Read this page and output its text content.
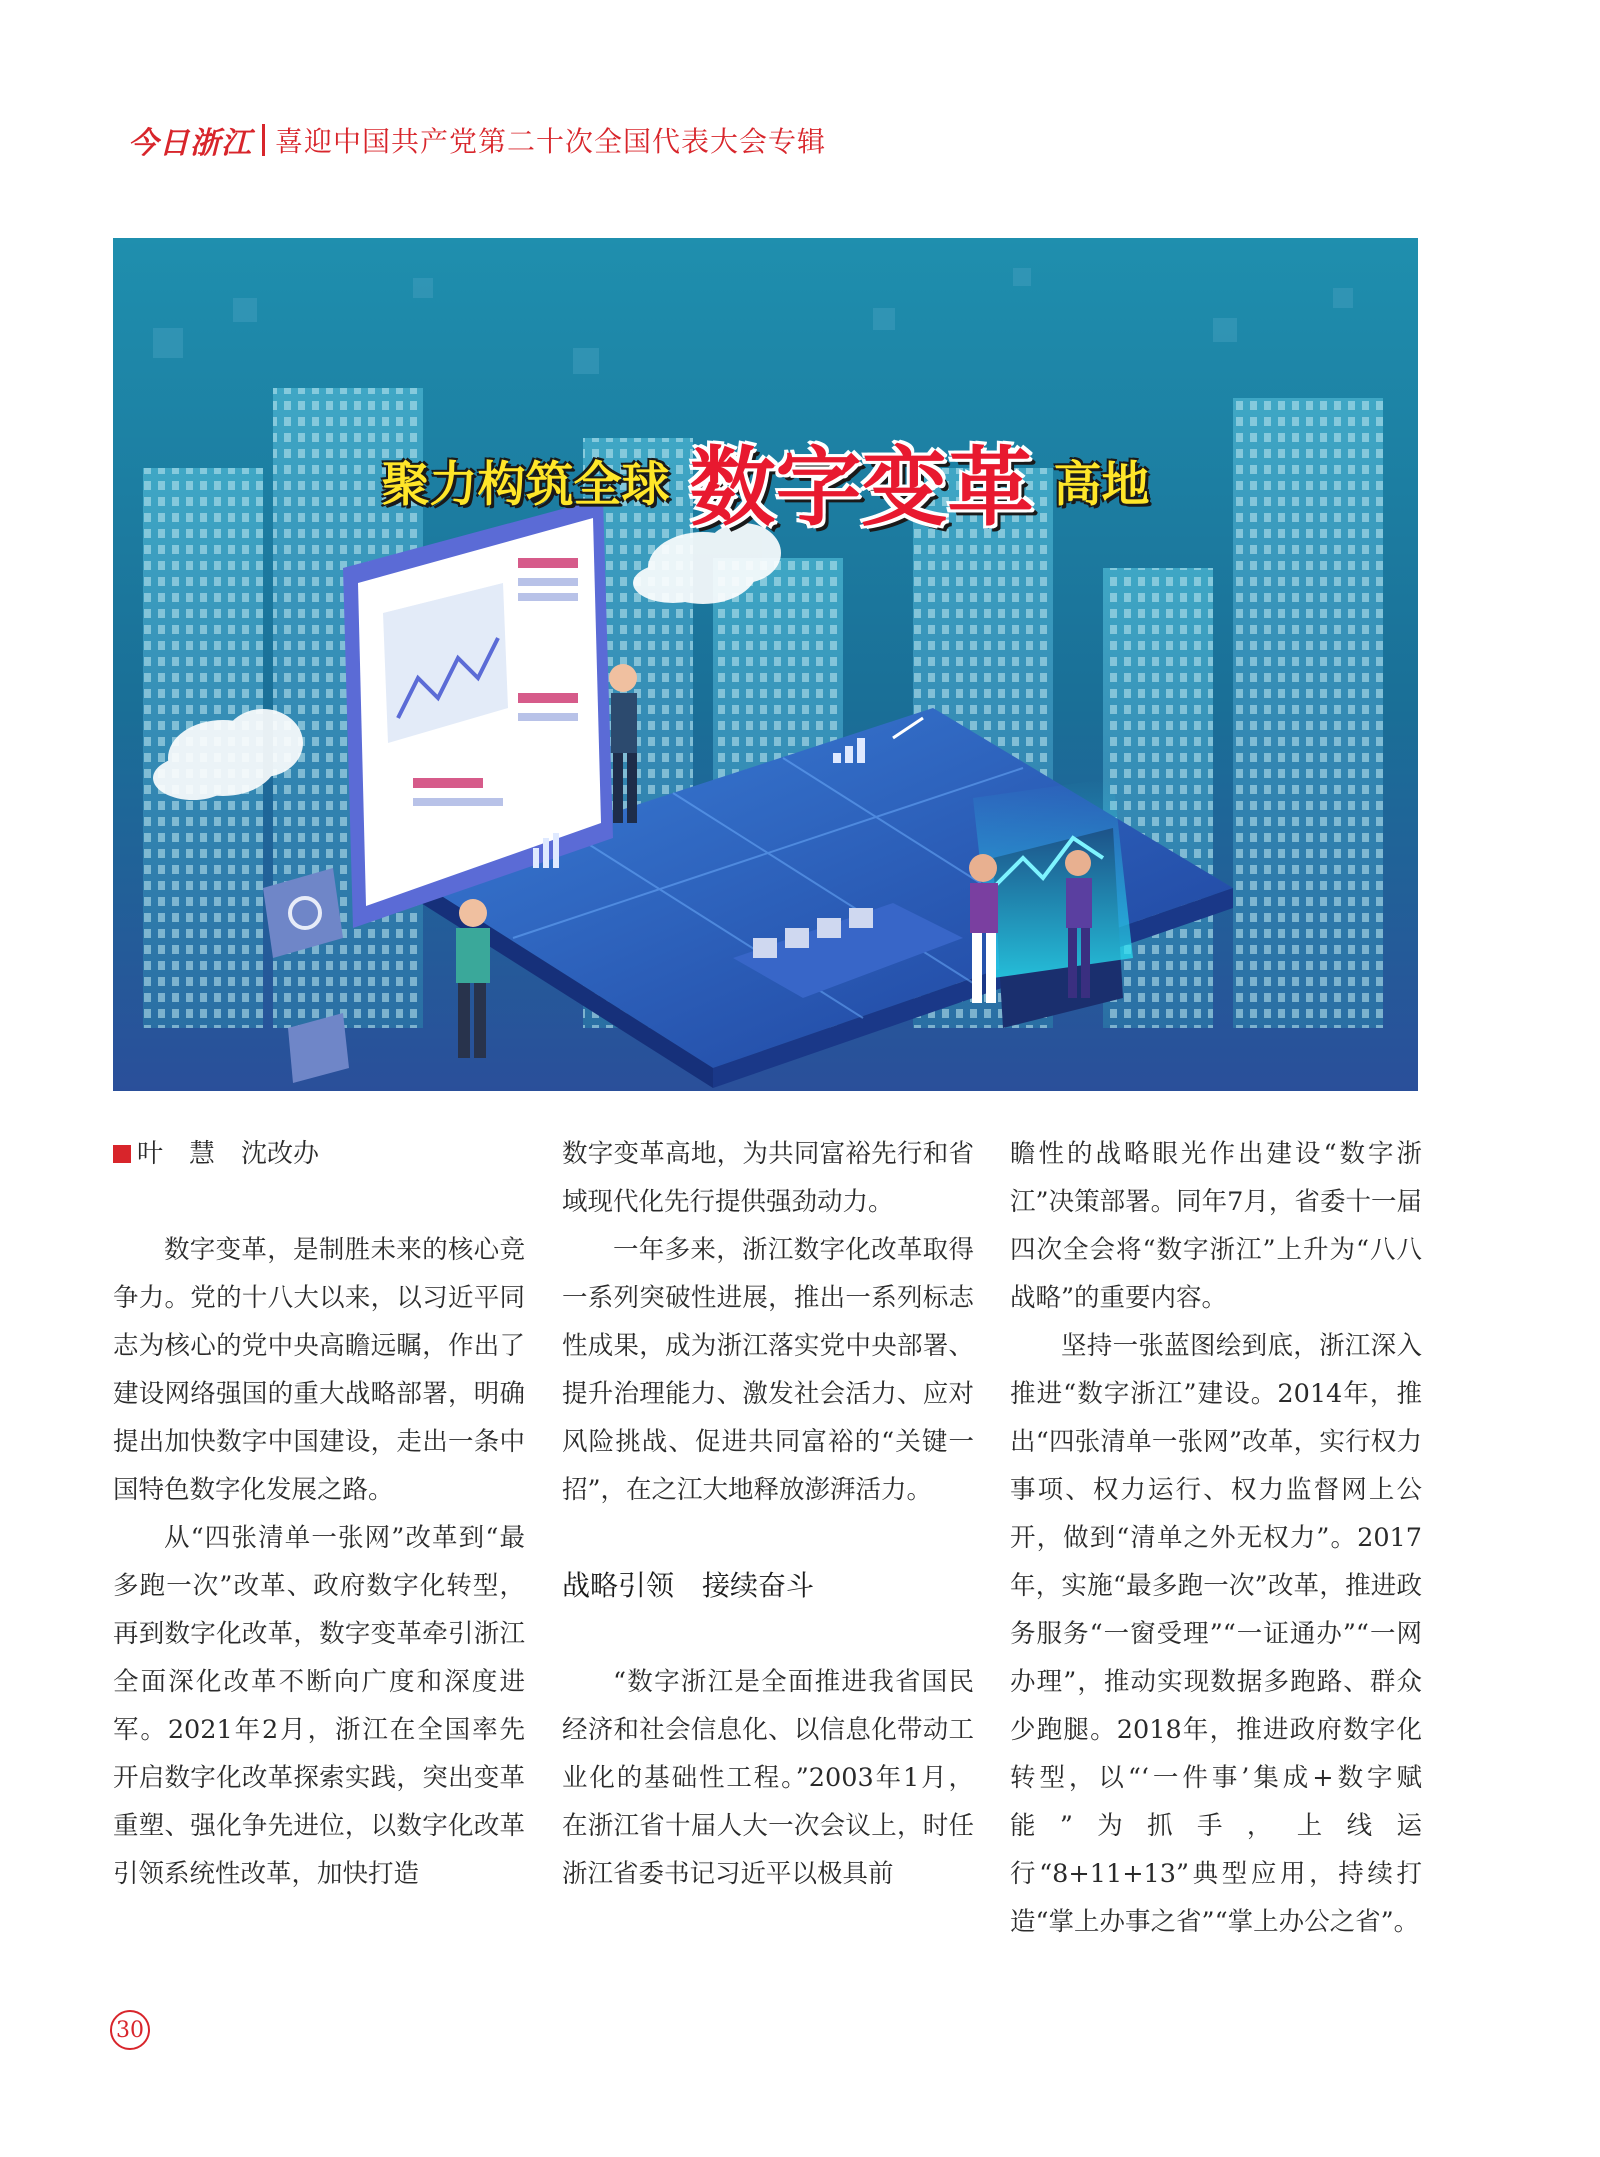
今日浙江 喜迎中国共产党第二十次全国代表大会专辑
聚力构筑全球 数字变革 高地

叶　慧　沈改办

数字变革，是制胜未来的核心竞争力。党的十八大以来，以习近平同志为核心的党中央高瞻远瞩，作出了建设网络强国的重大战略部署，明确提出加快数字中国建设，走出一条中国特色数字化发展之路。

从“四张清单一张网”改革到“最多跑一次”改革、政府数字化转型，再到数字化改革，数字变革牵引浙江全面深化改革不断向广度和深度进军。2021年2月，浙江在全国率先开启数字化改革探索实践，突出变革重塑、强化争先进位，以数字化改革引领系统性改革，加快打造

数字变革高地，为共同富裕先行和省域现代化先行提供强劲动力。

一年多来，浙江数字化改革取得一系列突破性进展，推出一系列标志性成果，成为浙江落实党中央部署、提升治理能力、激发社会活力、应对风险挑战、促进共同富裕的“关键一招”，在之江大地释放澎湃活力。

战略引领　接续奋斗

“数字浙江是全面推进我省国民经济和社会信息化、以信息化带动工业化的基础性工程。”2003年1月，在浙江省十届人大一次会议上，时任浙江省委书记习近平以极具前

瞻性的战略眼光作出建设“数字浙江”决策部署。同年7月，省委十一届四次全会将“数字浙江”上升为“八八战略”的重要内容。

坚持一张蓝图绘到底，浙江深入推进“数字浙江”建设。2014年，推出“四张清单一张网”改革，实行权力事项、权力运行、权力监督网上公开，做到“清单之外无权力”。2017年，实施“最多跑一次”改革，推进政务服务“一窗受理”“一证通办”“一网办理”，推动实现数据多跑路、群众少跑腿。2018年，推进政府数字化转型，以“‘一件事’集成+数字赋能”为抓手，上线运行“8+11+13”典型应用，持续打造“掌上办事之省”“掌上办公之省”。

30
